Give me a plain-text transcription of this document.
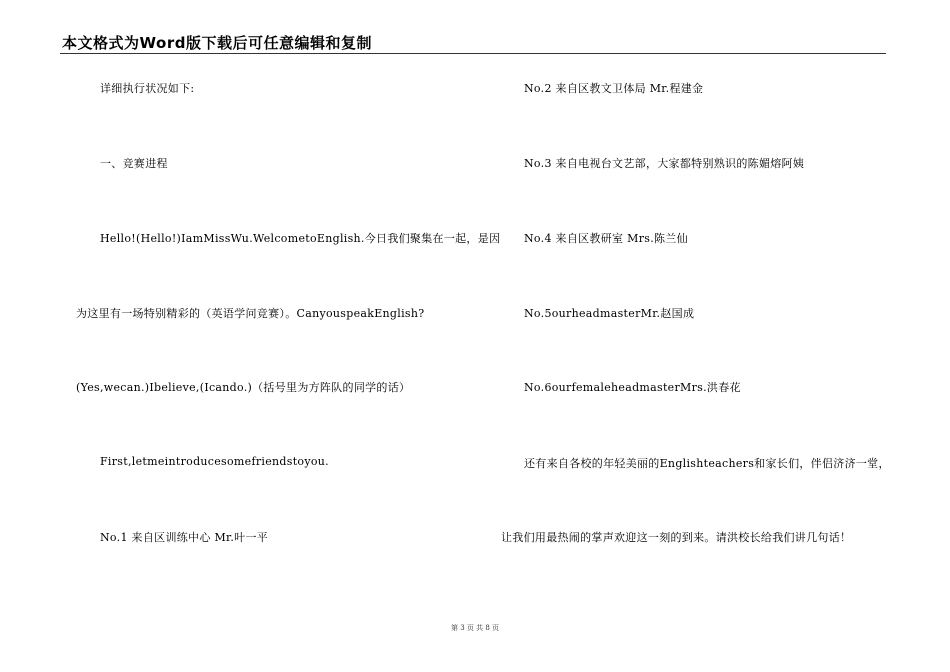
本文格式为Word版下载后可任意编辑和复制
详细执行状况如下:
一、竞赛进程
Hello!(Hello!)IamMissWu.WelcometoEnglish.今日我们聚集在一起，是因
为这里有一场特别精彩的（英语学问竞赛）。CanyouspeakEnglish?
(Yes,wecan.)Ibelieve,(Icando.)（括号里为方阵队的同学的话）
First,letmeintroducesomefriendstoyou.
No.1 来自区训练中心 Mr.叶一平
No.2 来自区教文卫体局 Mr.程建金
No.3 来自电视台文艺部，大家都特别熟识的陈媚熔阿姨
No.4 来自区教研室 Mrs.陈兰仙
No.5ourheadmasterMr.赵国成
No.6ourfemaleheadmasterMrs.洪春花
还有来自各校的年轻美丽的Englishteachers和家长们，伴侣济济一堂，
让我们用最热闹的掌声欢迎这一刻的到来。请洪校长给我们讲几句话！
第 3 页 共 8 页
